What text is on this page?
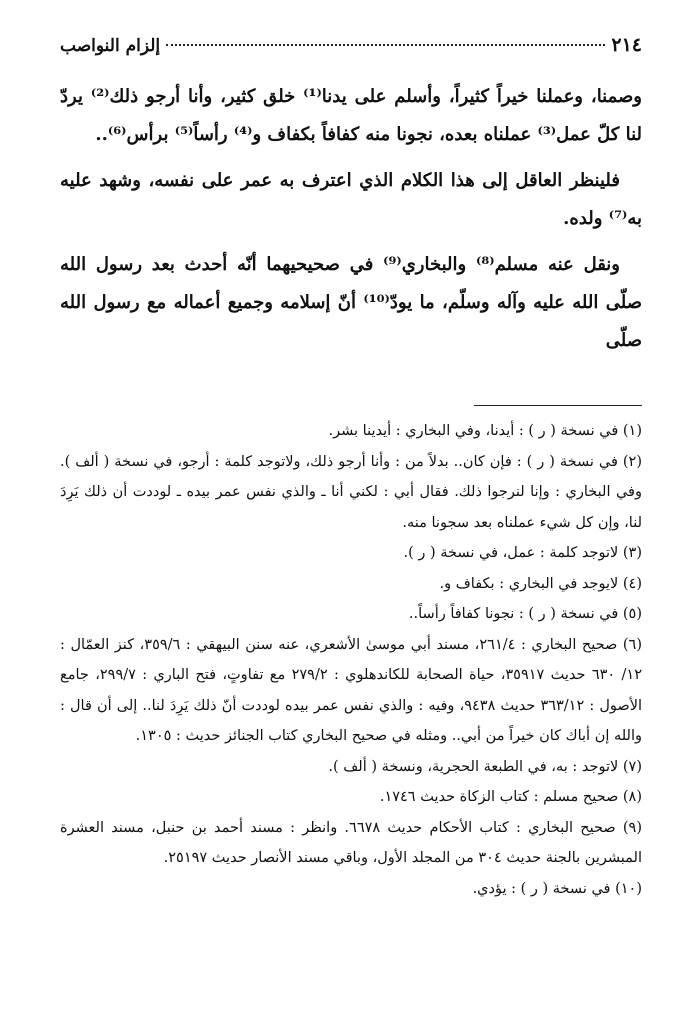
٢١٤
إلزام النواصب

وصمنا، وعملنا خيراً كثيراً، وأسلم على يدنا⁽¹⁾ خلق كثير، وأنا أرجو ذلك⁽²⁾ يردّ لنا كلّ عمل⁽³⁾ عملناه بعده، نجونا منه كفافاً بكفاف و⁽⁴⁾ رأساً⁽⁵⁾ برأس⁽⁶⁾..

فلينظر العاقل إلى هذا الكلام الذي اعترف به عمر على نفسه، وشهد عليه به⁽⁷⁾ ولده.

ونقل عنه مسلم⁽⁸⁾ والبخاري⁽⁹⁾ في صحيحيهما أنّه أحدث بعد رسول الله صلّى الله عليه وآله وسلّم، ما يودّ⁽¹⁰⁾ أنّ إسلامه وجميع أعماله مع رسول الله صلّى

(١) في نسخة ( ر ) : أيدنا، وفي البخاري : أيدينا بشر.

(٢) في نسخة ( ر ) : فإن كان.. بدلاً من : وأنا أرجو ذلك، ولاتوجد كلمة : أرجو، في نسخة ( ألف ). وفي البخاري : وإنا لنرجوا ذلك. فقال أبي : لكني أنا ـ والذي نفس عمر بيده ـ لوددت أن ذلك يَرِدَ لنا، وإن كل شيء عملناه بعد سجونا منه.

(٣) لاتوجد كلمة : عمل، في نسخة ( ر ).

(٤) لايوجد في البخاري : بكفاف و.

(٥) في نسخة ( ر ) : نجونا كفافاً رأساً..

(٦) صحيح البخاري : ٢٦١/٤، مسند أبي موسىٰ الأشعري، عنه سنن البيهقي : ٣٥٩/٦، كنز العمّال : ١٢/ ٦٣٠ حديث ٣٥٩١٧، حياة الصحابة للكاندهلوي : ٢٧٩/٢ مع تفاوتٍ، فتح الباري : ٢٩٩/٧، جامع الأصول : ٣٦٣/١٢ حديث ٩٤٣٨، وفيه : والذي نفس عمر بيده لوددت أنّ ذلك يَرِدَ لنا.. إلى أن قال : والله إن أباك كان خيراً من أبي.. ومثله في صحيح البخاري كتاب الجنائز حديث : ١٣٠٥.

(٧) لاتوجد : به، في الطبعة الحجرية، ونسخة ( ألف ).

(٨) صحيح مسلم : كتاب الزكاة حديث ١٧٤٦.

(٩) صحيح البخاري : كتاب الأحكام حديث ٦٦٧٨. وانظر : مسند أحمد بن حنبل، مسند العشرة المبشرين بالجنة حديث ٣٠٤ من المجلد الأول، وباقي مسند الأنصار حديث ٢٥١٩٧.

(١٠) في نسخة ( ر ) : يؤدي.
